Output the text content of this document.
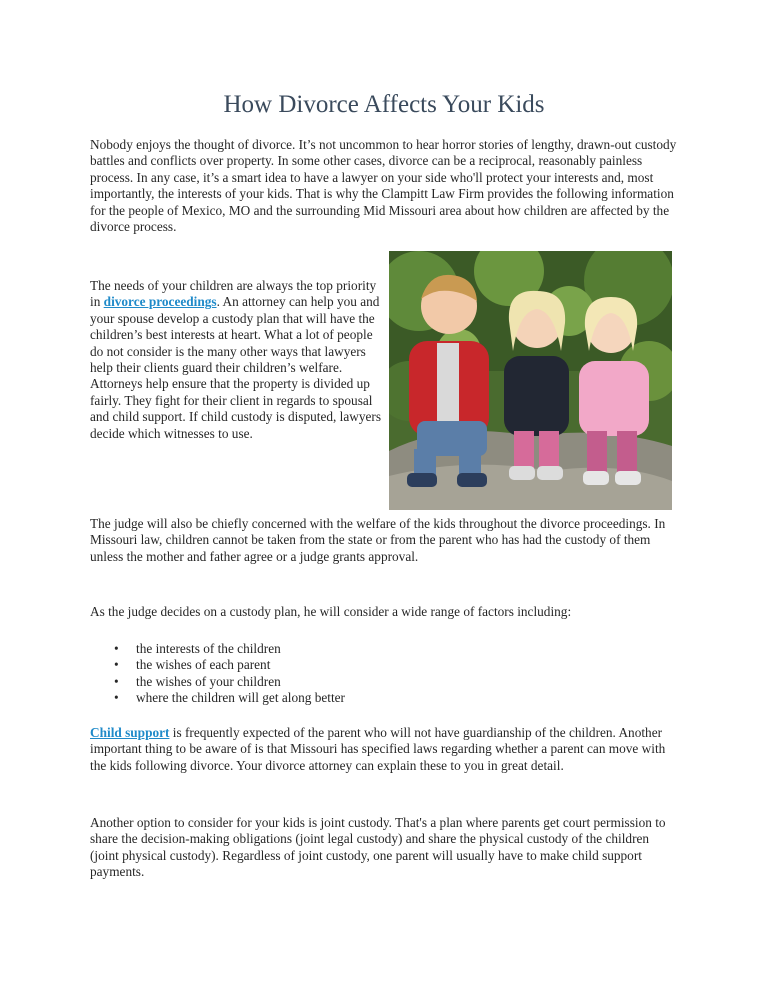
How Divorce Affects Your Kids

Nobody enjoys the thought of divorce. It’s not uncommon to hear horror stories of lengthy, drawn-out custody battles and conflicts over property. In some other cases, divorce can be a reciprocal, reasonably painless process. In any case, it’s a smart idea to have a lawyer on your side who'll protect your interests and, most importantly, the interests of your kids. That is why the Clampitt Law Firm provides the following information for the people of Mexico, MO and the surrounding Mid Missouri area about how children are affected by the divorce process.

The needs of your children are always the top priority in divorce proceedings. An attorney can help you and your spouse develop a custody plan that will have the children’s best interests at heart. What a lot of people do not consider is the many other ways that lawyers help their clients guard their children’s welfare. Attorneys help ensure that the property is divided up fairly. They fight for their client in regards to spousal and child support. If child custody is disputed, lawyers decide which witnesses to use.

The judge will also be chiefly concerned with the welfare of the kids throughout the divorce proceedings. In Missouri law, children cannot be taken from the state or from the parent who has had the custody of them unless the mother and father agree or a judge grants approval.

As the judge decides on a custody plan, he will consider a wide range of factors including:

• the interests of the children
• the wishes of each parent
• the wishes of your children
• where the children will get along better

Child support is frequently expected of the parent who will not have guardianship of the children. Another important thing to be aware of is that Missouri has specified laws regarding whether a parent can move with the kids following divorce. Your divorce attorney can explain these to you in great detail.

Another option to consider for your kids is joint custody. That's a plan where parents get court permission to share the decision-making obligations (joint legal custody) and share the physical custody of the children (joint physical custody). Regardless of joint custody, one parent will usually have to make child support payments.
